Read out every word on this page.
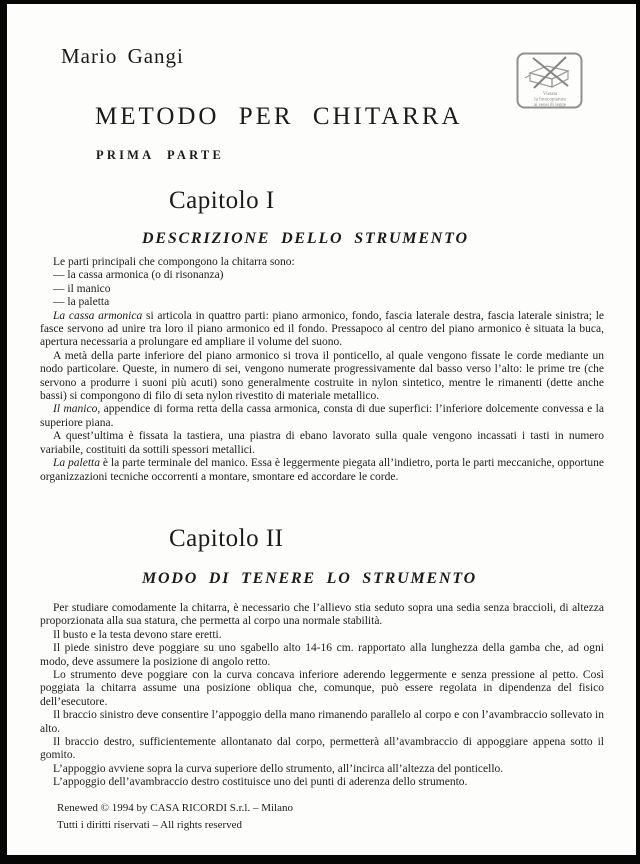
Mario Gangi
Vietata
la fotocopiatura
ai sensi di legge
METODO PER CHITARRA
PRIMA PARTE
Capitolo I
DESCRIZIONE DELLO STRUMENTO

Le parti principali che compongono la chitarra sono:

— la cassa armonica (o di risonanza)

— il manico

— la paletta

La cassa armonica si articola in quattro parti: piano armonico, fondo, fascia laterale destra, fascia laterale sinistra; le fasce servono ad unire tra loro il piano armonico ed il fondo. Pressapoco al centro del piano armonico è situata la buca, apertura necessaria a prolungare ed ampliare il volume del suono.

A metà della parte inferiore del piano armonico si trova il ponticello, al quale vengono fissate le corde mediante un nodo particolare. Queste, in numero di sei, vengono numerate progressivamente dal basso verso l’alto: le prime tre (che servono a produrre i suoni più acuti) sono generalmente costruite in nylon sintetico, mentre le rimanenti (dette anche bassi) si compongono di filo di seta nylon rivestito di materiale metallico.

Il manico, appendice di forma retta della cassa armonica, consta di due superfici: l’inferiore dolcemente convessa e la superiore piana.

A quest’ultima è fissata la tastiera, una piastra di ebano lavorato sulla quale vengono incassati i tasti in numero variabile, costituiti da sottili spessori metallici.

La paletta è la parte terminale del manico. Essa è leggermente piegata all’indietro, porta le parti meccaniche, opportune organizzazioni tecniche occorrenti a montare, smontare ed accordare le corde.

Capitolo II
MODO DI TENERE LO STRUMENTO

Per studiare comodamente la chitarra, è necessario che l’allievo stia seduto sopra una sedia senza braccioli, di altezza proporzionata alla sua statura, che permetta al corpo una normale stabilità.

Il busto e la testa devono stare eretti.

Il piede sinistro deve poggiare su uno sgabello alto 14-16 cm. rapportato alla lunghezza della gamba che, ad ogni modo, deve assumere la posizione di angolo retto.

Lo strumento deve poggiare con la curva concava inferiore aderendo leggermente e senza pressione al petto. Così poggiata la chitarra assume una posizione obliqua che, comunque, può essere regolata in dipendenza del fisico dell’esecutore.

Il braccio sinistro deve consentire l’appoggio della mano rimanendo parallelo al corpo e con l’avambraccio sollevato in alto.

Il braccio destro, sufficientemente allontanato dal corpo, permetterà all’avambraccio di appoggiare appena sotto il gomito.

L’appoggio avviene sopra la curva superiore dello strumento, all’incirca all’altezza del ponticello.

L’appoggio dell’avambraccio destro costituisce uno dei punti di aderenza dello strumento.

Renewed © 1994 by CASA RICORDI S.r.l. – Milano
Tutti i diritti riservati – All rights reserved
